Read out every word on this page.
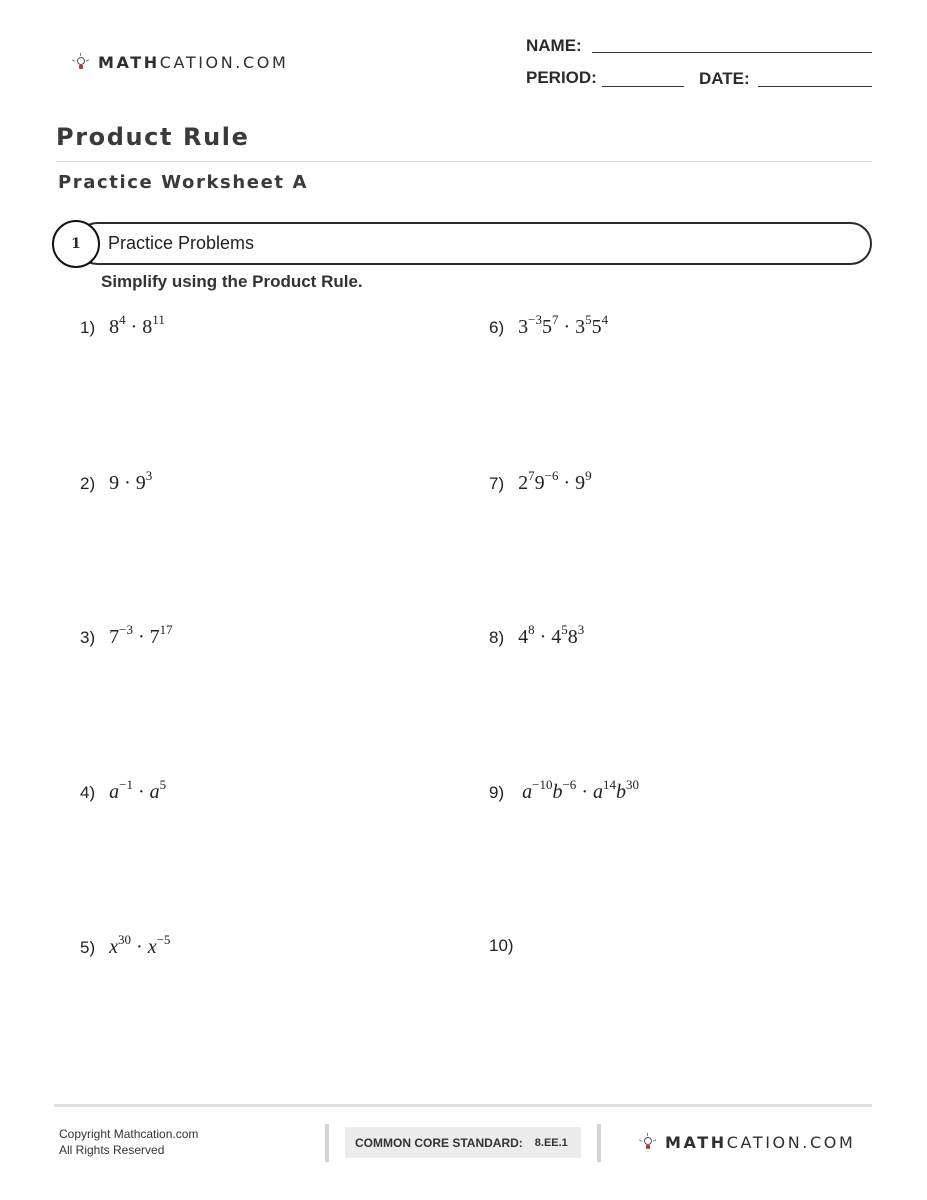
MATHCATION.COM
NAME:
PERIOD:	DATE:
Product Rule
Practice Worksheet A
1 Practice Problems
Simplify using the Product Rule.
1) $8^4 \cdot 8^{11}$
2) $9 \cdot 9^3$
3) $7^{-3} \cdot 7^{17}$
4) $a^{-1} \cdot a^5$
5) $x^{30} \cdot x^{-5}$
6) $3^{-3}5^7 \cdot 3^55^4$
7) $2^79^{-6} \cdot 9^9$
8) $4^8 \cdot 4^58^3$
9) $a^{-10}b^{-6} \cdot a^{14}b^{30}$
10)
Copyright Mathcation.com
All Rights Reserved
COMMON CORE STANDARD: 8.EE.1	MATHCATION.COM
